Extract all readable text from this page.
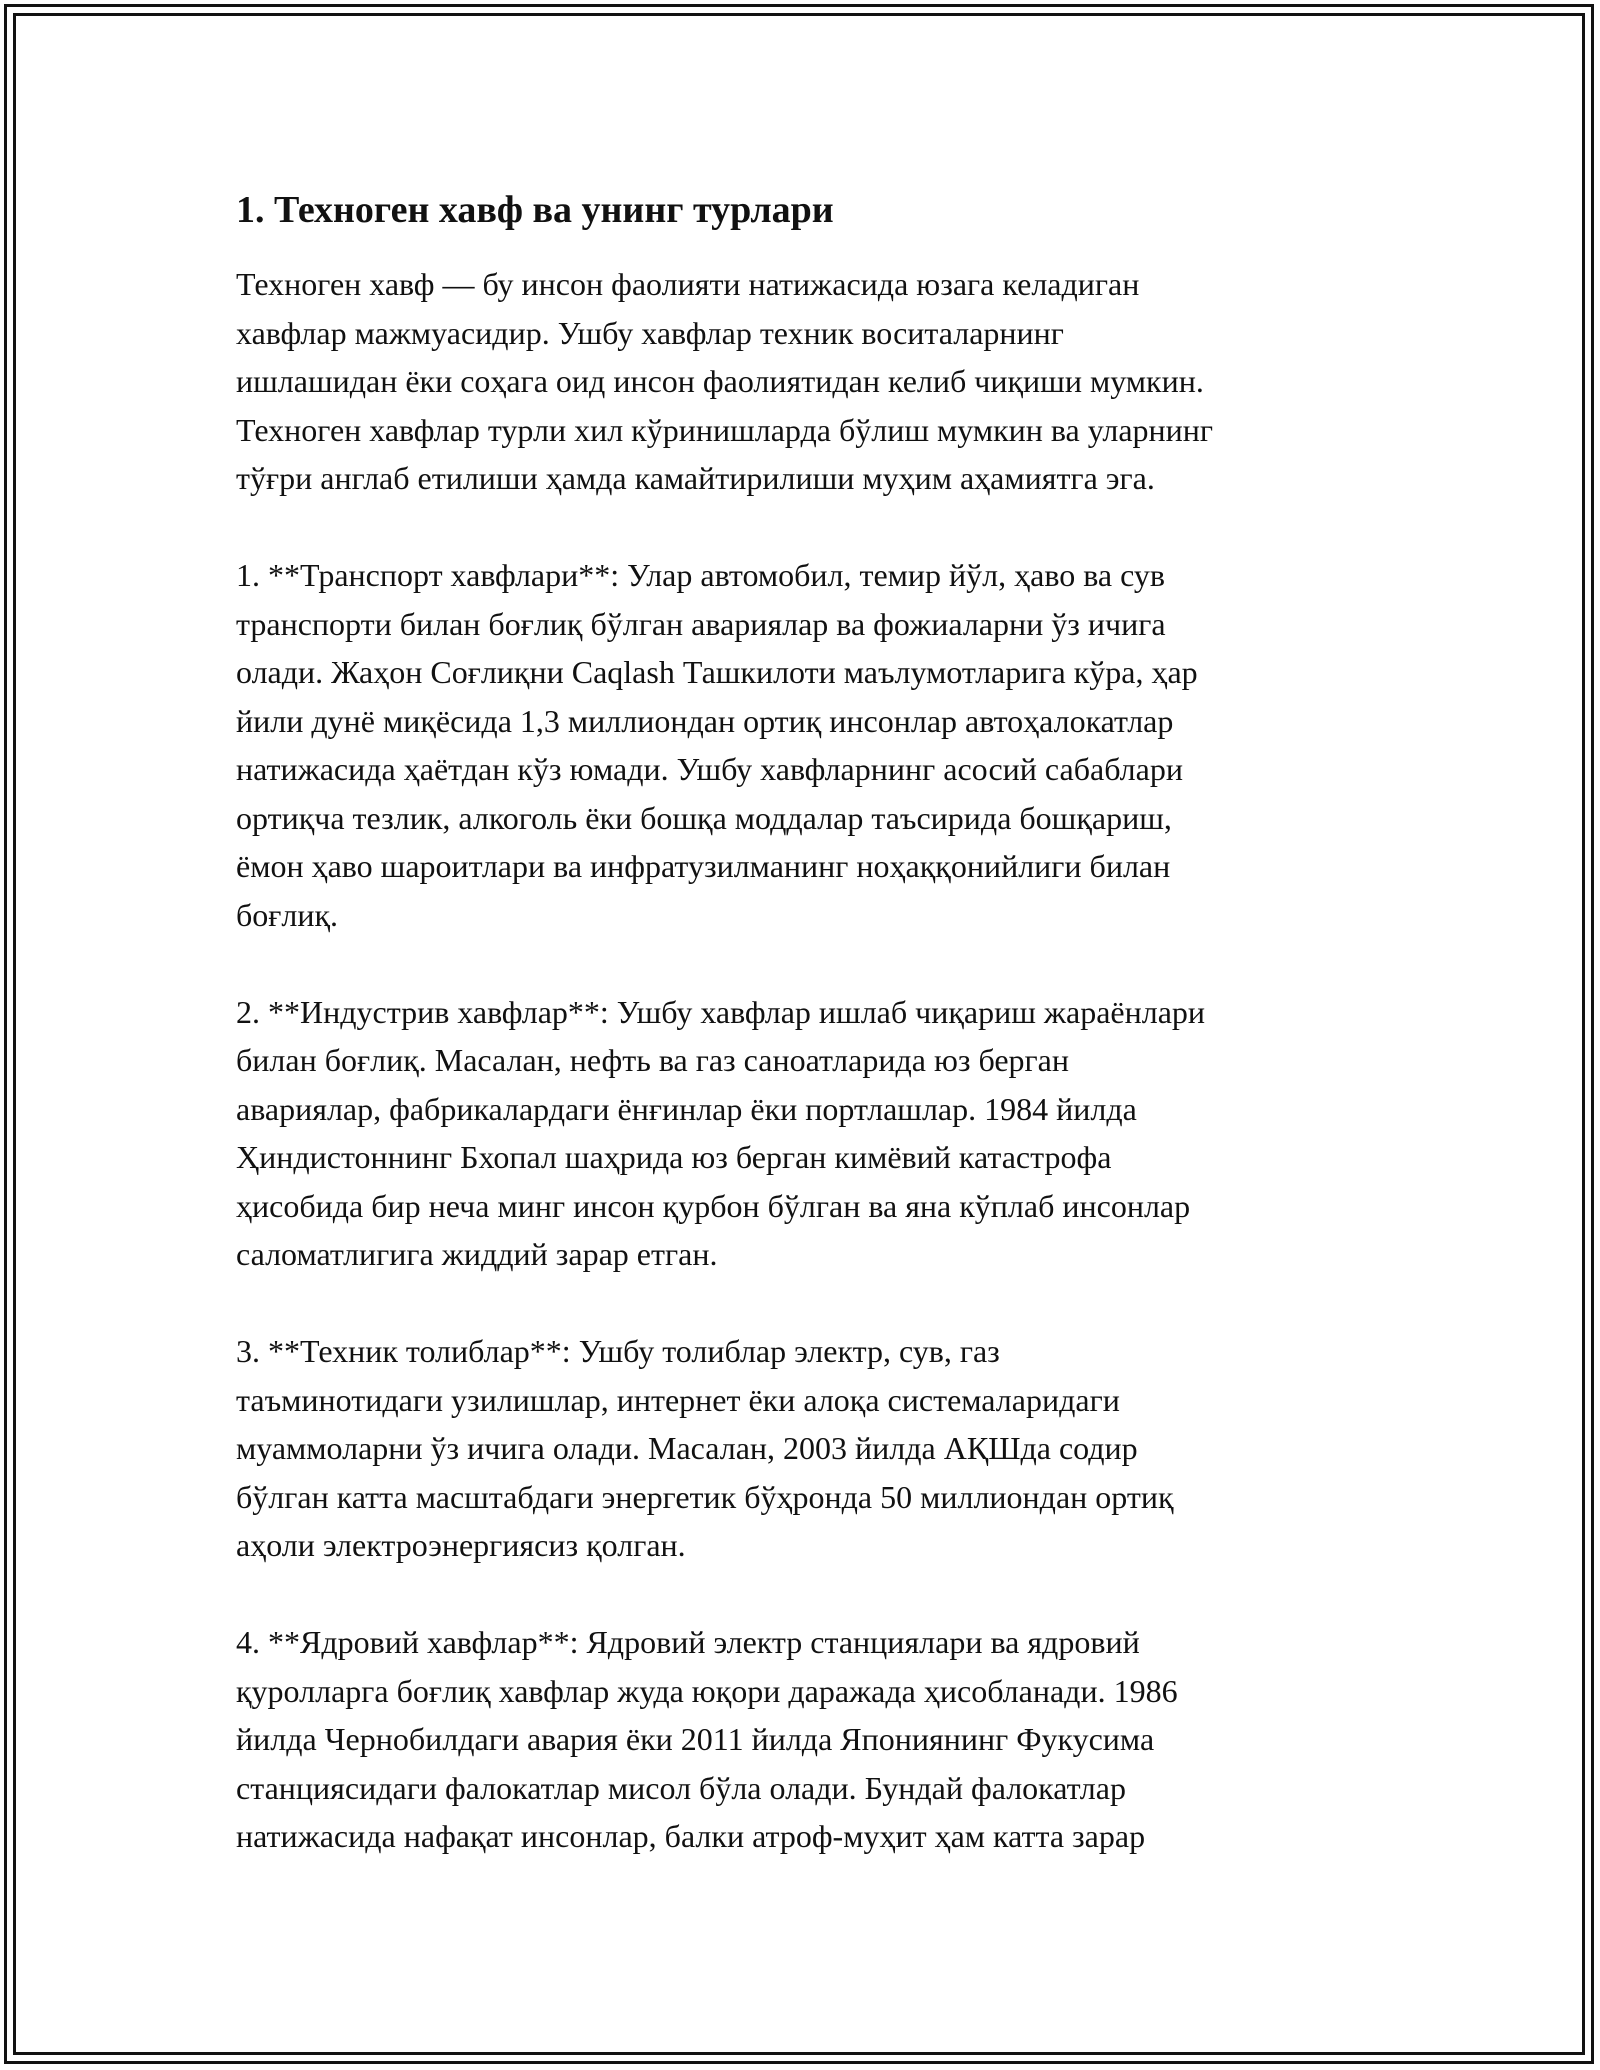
1. Техноген хавф ва унинг турлари

Техноген хавф — бу инсон фаолияти натижасида юзага келадиган
хавфлар мажмуасидир. Ушбу хавфлар техник воситаларнинг
ишлашидан ёки соҳага оид инсон фаолиятидан келиб чиқиши мумкин.
Техноген хавфлар турли хил кўринишларда бўлиш мумкин ва уларнинг
тўғри англаб етилиши ҳамда камайтирилиши муҳим аҳамиятга эга.

1. **Транспорт хавфлари**: Улар автомобил, темир йўл, ҳаво ва сув
транспорти билан боғлиқ бўлган авариялар ва фожиаларни ўз ичига
олади. Жаҳон Соғлиқни Caqlash Ташкилоти маълумотларига кўра, ҳар
йили дунё миқёсида 1,3 миллиондан ортиқ инсонлар автоҳалокатлар
натижасида ҳаётдан кўз юмади. Ушбу хавфларнинг асосий сабаблари
ортиқча тезлик, алкоголь ёки бошқа моддалар таъсирида бошқариш,
ёмон ҳаво шароитлари ва инфратузилманинг ноҳаққонийлиги билан
боғлиқ.

2. **Индустрив хавфлар**: Ушбу хавфлар ишлаб чиқариш жараёнлари
билан боғлиқ. Масалан, нефть ва газ саноатларида юз берган
авариялар, фабрикалардаги ёнғинлар ёки портлашлар. 1984 йилда
Ҳиндистоннинг Бхопал шаҳрида юз берган кимёвий катастрофа
ҳисобида бир неча минг инсон қурбон бўлган ва яна кўплаб инсонлар
саломатлигига жиддий зарар етган.

3. **Техник толиблар**: Ушбу толиблар электр, сув, газ
таъминотидаги узилишлар, интернет ёки алоқа системаларидаги
муаммоларни ўз ичига олади. Масалан, 2003 йилда АҚШда содир
бўлган катта масштабдаги энергетик бўҳронда 50 миллиондан ортиқ
аҳоли электроэнергиясиз қолган.

4. **Ядровий хавфлар**: Ядровий электр станциялари ва ядровий
қуролларга боғлиқ хавфлар жуда юқори даражада ҳисобланади. 1986
йилда Чернобилдаги авария ёки 2011 йилда Япониянинг Фукусима
станциясидаги фалокатлар мисол бўла олади. Бундай фалокатлар
натижасида нафақат инсонлар, балки атроф-муҳит ҳам катта зарар
